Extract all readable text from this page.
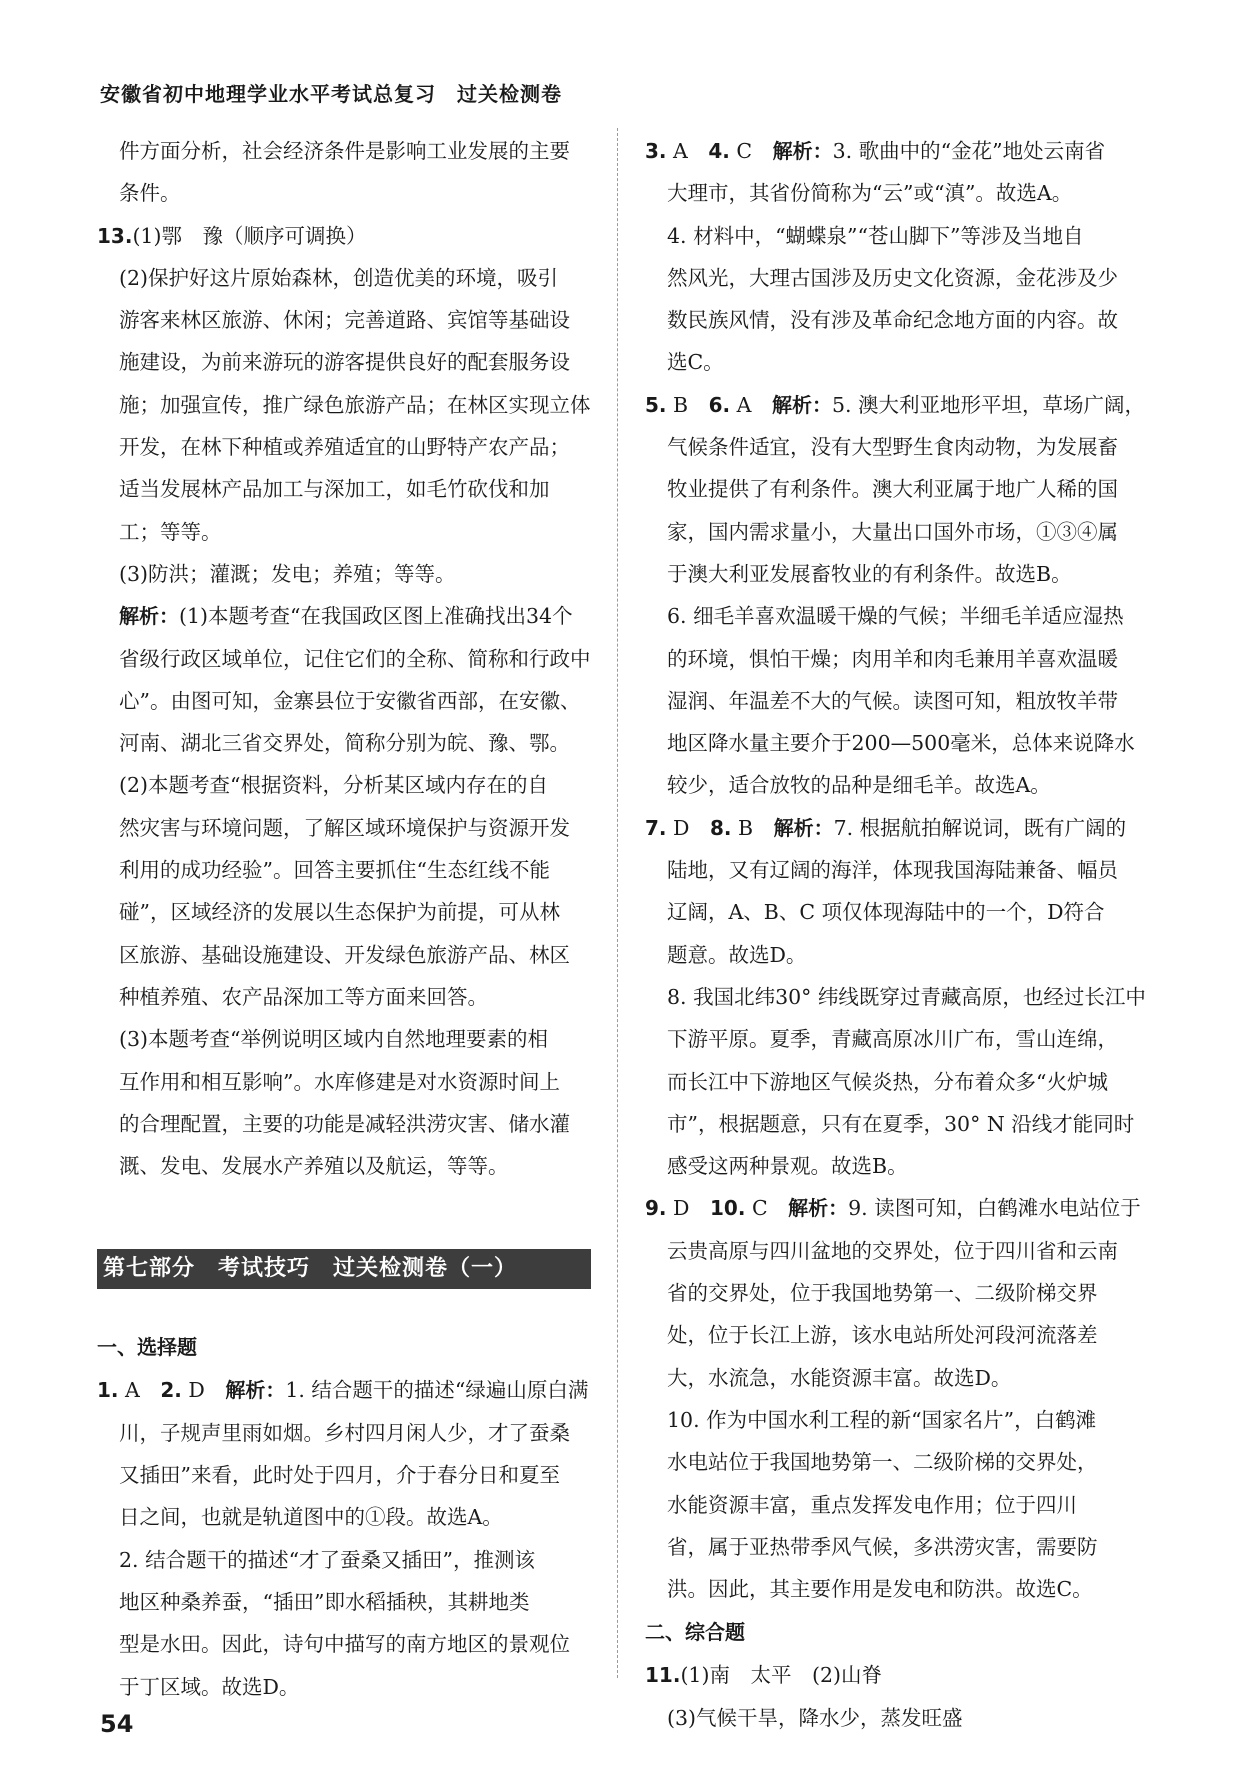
安徽省初中地理学业水平考试总复习　过关检测卷
件方面分析，社会经济条件是影响工业发展的主要
条件。
13.(1)鄂　豫（顺序可调换）
(2)保护好这片原始森林，创造优美的环境，吸引
游客来林区旅游、休闲；完善道路、宾馆等基础设
施建设，为前来游玩的游客提供良好的配套服务设
施；加强宣传，推广绿色旅游产品；在林区实现立体
开发，在林下种植或养殖适宜的山野特产农产品；
适当发展林产品加工与深加工，如毛竹砍伐和加
工；等等。
(3)防洪；灌溉；发电；养殖；等等。
解析：(1)本题考查“在我国政区图上准确找出34个
省级行政区域单位，记住它们的全称、简称和行政中
心”。由图可知，金寨县位于安徽省西部，在安徽、
河南、湖北三省交界处，简称分别为皖、豫、鄂。
(2)本题考查“根据资料，分析某区域内存在的自
然灾害与环境问题，了解区域环境保护与资源开发
利用的成功经验”。回答主要抓住“生态红线不能
碰”，区域经济的发展以生态保护为前提，可从林
区旅游、基础设施建设、开发绿色旅游产品、林区
种植养殖、农产品深加工等方面来回答。
(3)本题考查“举例说明区域内自然地理要素的相
互作用和相互影响”。水库修建是对水资源时间上
的合理配置，主要的功能是减轻洪涝灾害、储水灌
溉、发电、发展水产养殖以及航运，等等。
第七部分　考试技巧　过关检测卷（一）
一、选择题
1. A　 2. D　 解析：1. 结合题干的描述“绿遍山原白满
川，子规声里雨如烟。乡村四月闲人少，才了蚕桑
又插田”来看，此时处于四月，介于春分日和夏至
日之间，也就是轨道图中的①段。故选A。
2. 结合题干的描述“才了蚕桑又插田”，推测该
地区种桑养蚕，“插田”即水稻插秧，其耕地类
型是水田。因此，诗句中描写的南方地区的景观位
于丁区域。故选D。
3. A　 4. C　 解析：3. 歌曲中的“金花”地处云南省
大理市，其省份简称为“云”或“滇”。故选A。
4. 材料中，“蝴蝶泉”“苍山脚下”等涉及当地自
然风光，大理古国涉及历史文化资源，金花涉及少
数民族风情，没有涉及革命纪念地方面的内容。故
选C。
5. B　 6. A　 解析：5. 澳大利亚地形平坦，草场广阔，
气候条件适宜，没有大型野生食肉动物，为发展畜
牧业提供了有利条件。澳大利亚属于地广人稀的国
家，国内需求量小，大量出口国外市场，①③④属
于澳大利亚发展畜牧业的有利条件。故选B。
6. 细毛羊喜欢温暖干燥的气候；半细毛羊适应湿热
的环境，惧怕干燥；肉用羊和肉毛兼用羊喜欢温暖
湿润、年温差不大的气候。读图可知，粗放牧羊带
地区降水量主要介于200—500毫米，总体来说降水
较少，适合放牧的品种是细毛羊。故选A。
7. D　 8. B　 解析：7. 根据航拍解说词，既有广阔的
陆地，又有辽阔的海洋，体现我国海陆兼备、幅员
辽阔，A、B、C 项仅体现海陆中的一个，D符合
题意。故选D。
8. 我国北纬30° 纬线既穿过青藏高原，也经过长江中
下游平原。夏季，青藏高原冰川广布，雪山连绵，
而长江中下游地区气候炎热，分布着众多“火炉城
市”，根据题意，只有在夏季，30° N 沿线才能同时
感受这两种景观。故选B。
9. D　 10. C　 解析：9. 读图可知，白鹤滩水电站位于
云贵高原与四川盆地的交界处，位于四川省和云南
省的交界处，位于我国地势第一、二级阶梯交界
处，位于长江上游，该水电站所处河段河流落差
大，水流急，水能资源丰富。故选D。
10. 作为中国水利工程的新“国家名片”，白鹤滩
水电站位于我国地势第一、二级阶梯的交界处，
水能资源丰富，重点发挥发电作用；位于四川
省，属于亚热带季风气候，多洪涝灾害，需要防
洪。因此，其主要作用是发电和防洪。故选C。
二、综合题
11.(1)南　太平　(2)山脊
(3)气候干旱，降水少，蒸发旺盛
54
